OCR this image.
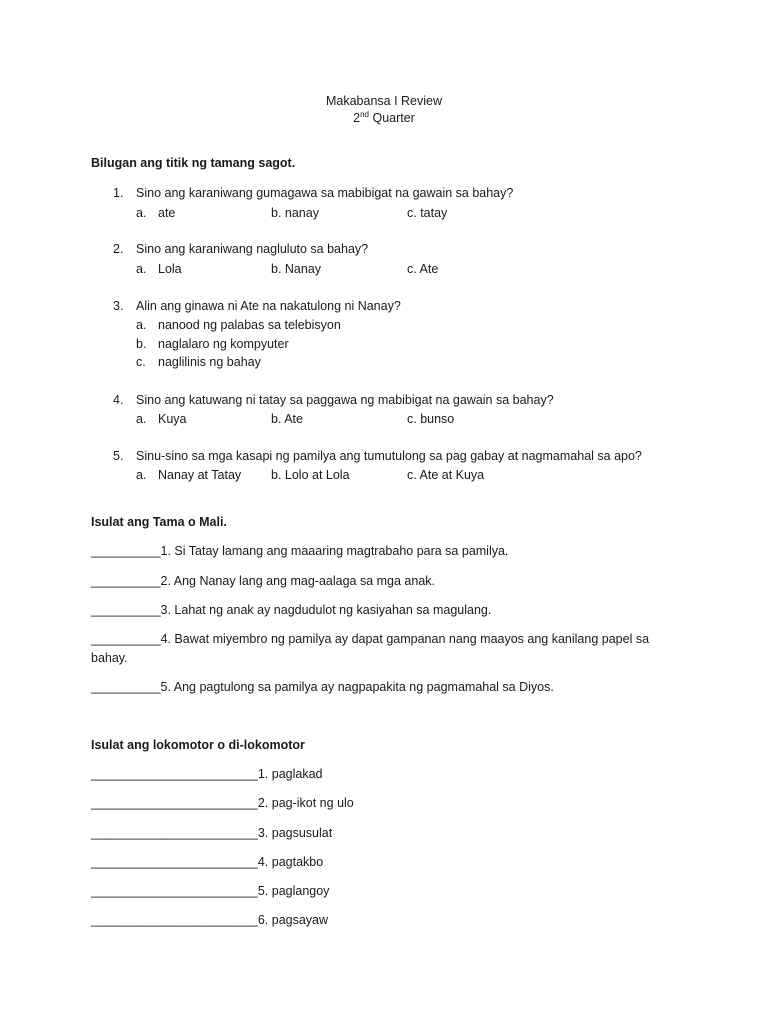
Makabansa I Review
2nd Quarter
Bilugan ang titik ng tamang sagot.
1. Sino ang karaniwang gumagawa sa mabibigat na gawain sa bahay?
a. ate	b. nanay	c. tatay
2. Sino ang karaniwang nagluluto sa bahay?
a. Lola	b. Nanay	c. Ate
3. Alin ang ginawa ni Ate na nakatulong ni Nanay?
a. nanood ng palabas sa telebisyon
b. naglalaro ng kompyuter
c. naglilinis ng bahay
4. Sino ang katuwang ni tatay sa paggawa ng mabibigat na gawain sa bahay?
a. Kuya	b. Ate	c. bunso
5. Sinu-sino sa mga kasapi ng pamilya ang tumutulong sa pag gabay at nagmamahal sa apo?
a. Nanay at Tatay b. Lolo at Lola	c. Ate at Kuya
Isulat ang Tama o Mali.
__________1. Si Tatay lamang ang maaaring magtrabaho para sa pamilya.
__________2. Ang Nanay lang ang mag-aalaga sa mga anak.
__________3. Lahat ng anak ay nagdudulot ng kasiyahan sa magulang.
__________4. Bawat miyembro ng pamilya ay dapat gampanan nang maayos ang kanilang papel sa
bahay.
__________5. Ang pagtulong sa pamilya ay nagpapakita ng pagmamahal sa Diyos.
Isulat ang lokomotor o di-lokomotor
________________________1. paglakad
________________________2. pag-ikot ng ulo
________________________3. pagsusulat
________________________4. pagtakbo
________________________5. paglangoy
________________________6. pagsayaw
